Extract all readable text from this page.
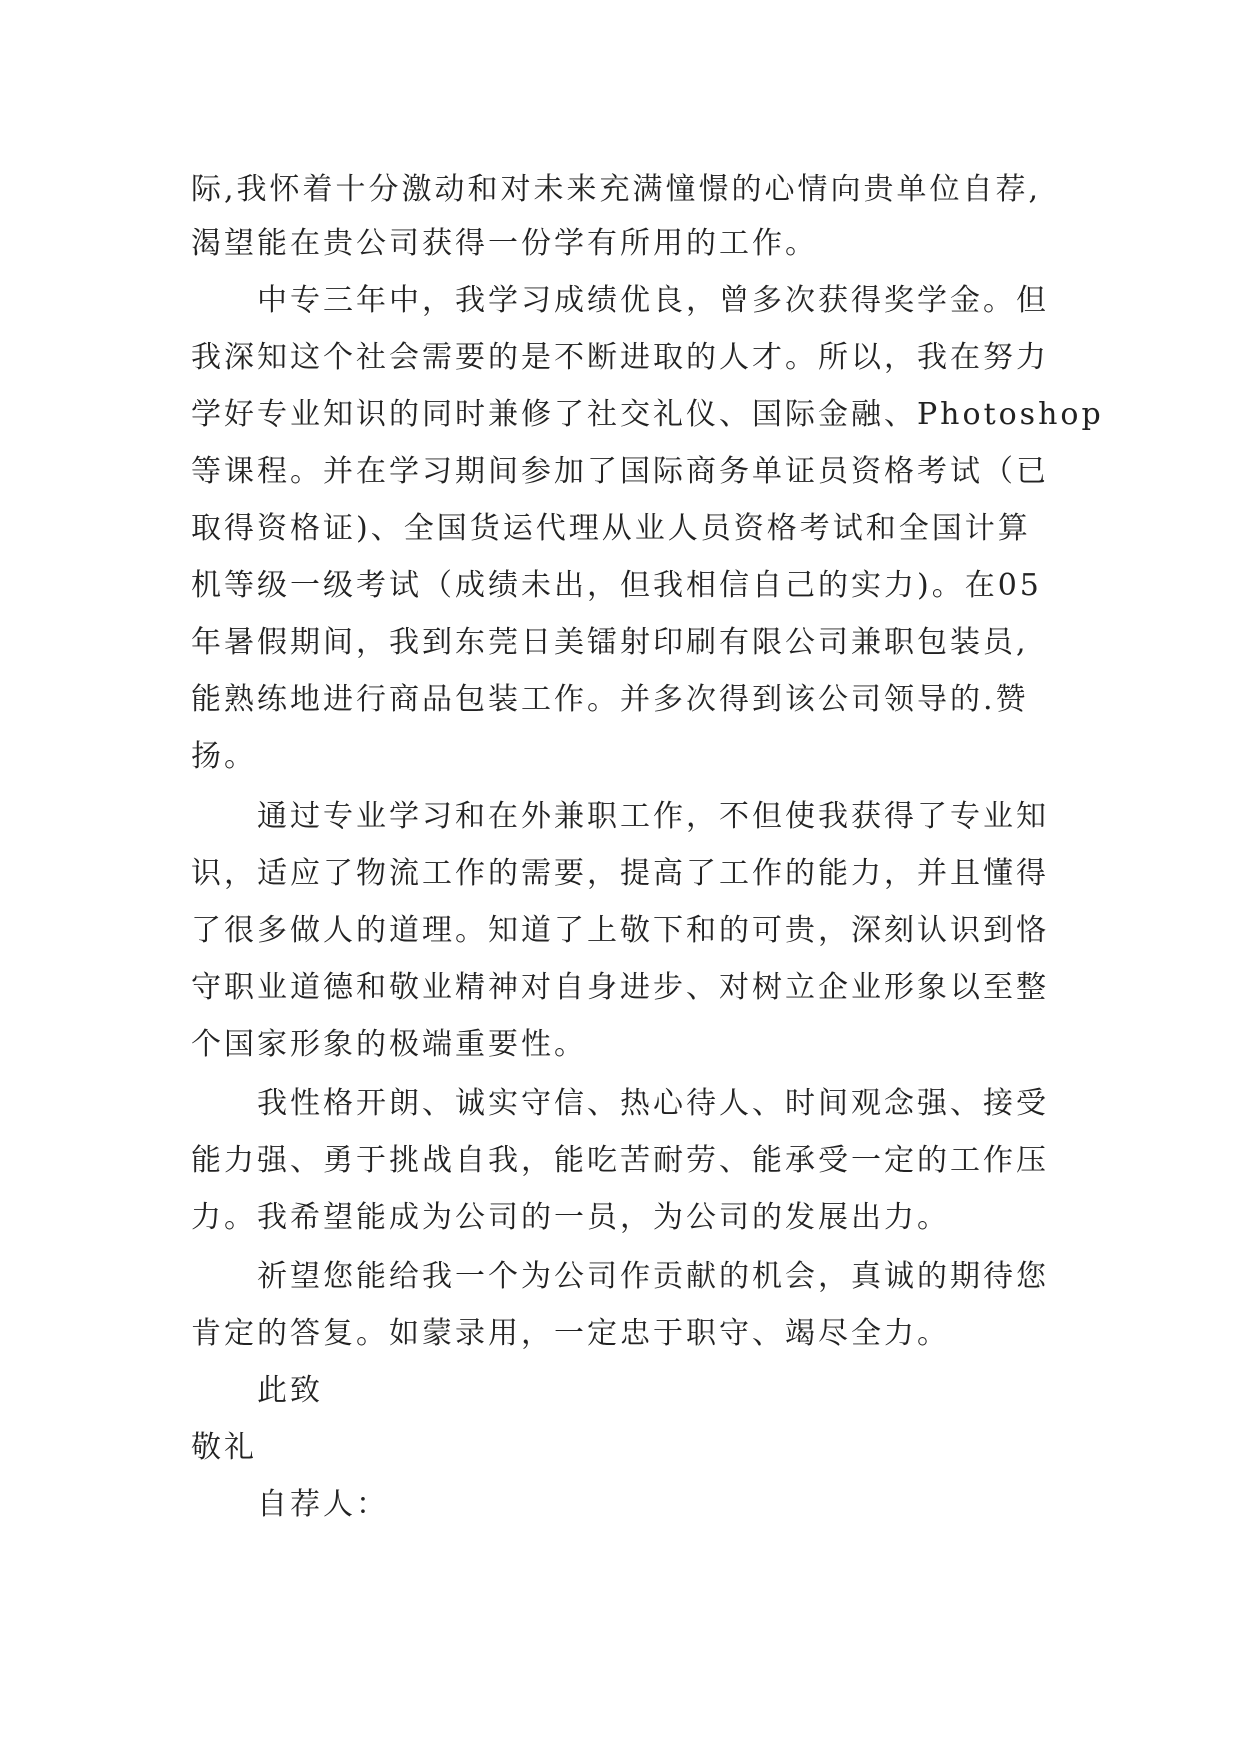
际,我怀着十分激动和对未来充满憧憬的心情向贵单位自荐,
渴望能在贵公司获得一份学有所用的工作。
中专三年中，我学习成绩优良，曾多次获得奖学金。但
我深知这个社会需要的是不断进取的人才。所以，我在努力
学好专业知识的同时兼修了社交礼仪、国际金融、Photoshop
等课程。并在学习期间参加了国际商务单证员资格考试（已
取得资格证)、全国货运代理从业人员资格考试和全国计算
机等级一级考试（成绩未出，但我相信自己的实力)。在05
年暑假期间，我到东莞日美镭射印刷有限公司兼职包装员,
能熟练地进行商品包装工作。并多次得到该公司领导的.赞
扬。
通过专业学习和在外兼职工作，不但使我获得了专业知
识，适应了物流工作的需要，提高了工作的能力，并且懂得
了很多做人的道理。知道了上敬下和的可贵，深刻认识到恪
守职业道德和敬业精神对自身进步、对树立企业形象以至整
个国家形象的极端重要性。
我性格开朗、诚实守信、热心待人、时间观念强、接受
能力强、勇于挑战自我，能吃苦耐劳、能承受一定的工作压
力。我希望能成为公司的一员，为公司的发展出力。
祈望您能给我一个为公司作贡献的机会，真诚的期待您
肯定的答复。如蒙录用，一定忠于职守、竭尽全力。
此致
敬礼
自荐人：
